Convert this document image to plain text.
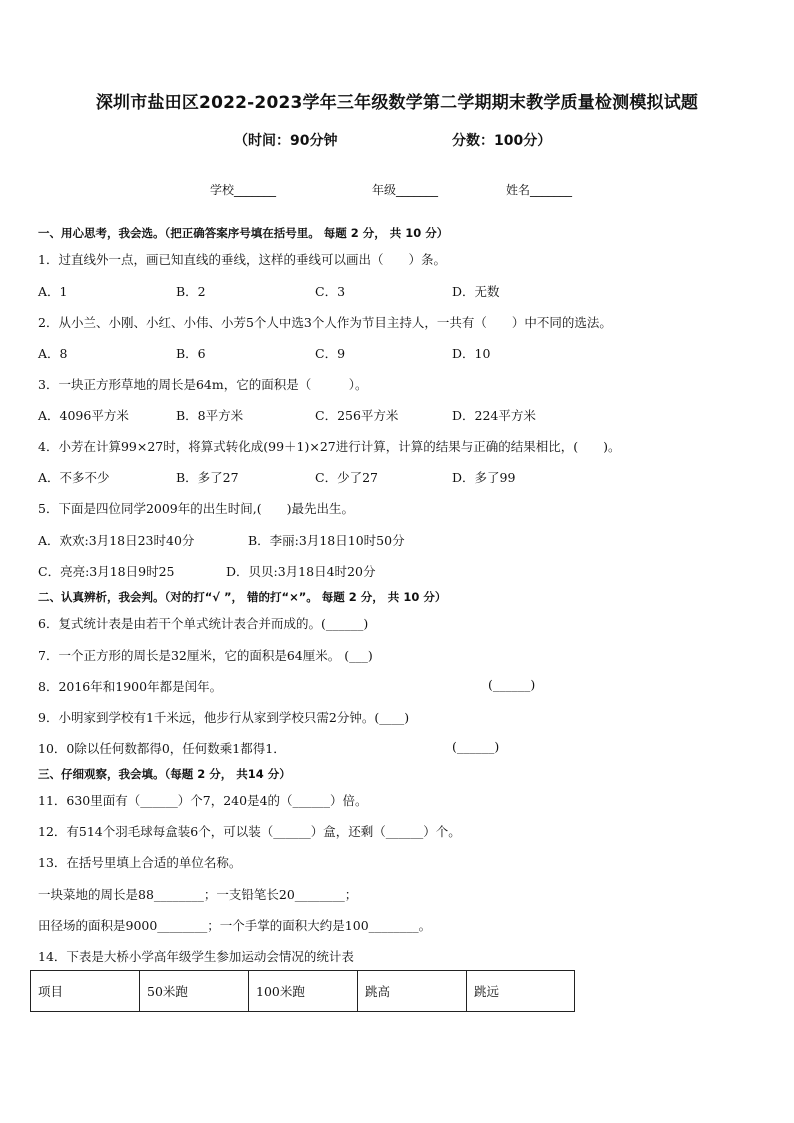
深圳市盐田区2022-2023学年三年级数学第二学期期末教学质量检测模拟试题
（时间：90分钟	分数：100分）
学校_______	年级_______	姓名_______
一、用心思考，我会选。（把正确答案序号填在括号里。 每题 2 分， 共 10 分）
1．过直线外一点，画已知直线的垂线，这样的垂线可以画出（　　）条。
A．1	B．2	C．3	D．无数
2．从小兰、小刚、小红、小伟、小芳5个人中选3个人作为节目主持人，一共有（　　）中不同的选法。
A．8	B．6	C．9	D．10
3．一块正方形草地的周长是64m，它的面积是（　　　）。
A．4096平方米	B．8平方米	C．256平方米	D．224平方米
4．小芳在计算99×27时，将算式转化成(99＋1)×27进行计算，计算的结果与正确的结果相比，(　　)。
A．不多不少	B．多了27	C．少了27	D．多了99
5．下面是四位同学2009年的出生时间,(　　)最先出生。
A．欢欢:3月18日23时40分	B．李丽:3月18日10时50分
C．亮亮:3月18日9时25	D．贝贝:3月18日4时20分
二、认真辨析，我会判。（对的打“√ ”， 错的打“×”。 每题 2 分， 共 10 分）
6．复式统计表是由若干个单式统计表合并而成的。(______)
7．一个正方形的周长是32厘米，它的面积是64厘米。 (___)
8．2016年和1900年都是闰年。	(______)
9．小明家到学校有1千米远，他步行从家到学校只需2分钟。(____)
10．0除以任何数都得0，任何数乘1都得1．	(______)
三、仔细观察，我会填。（每题 2 分， 共14 分）
11．630里面有（______）个7，240是4的（______）倍。
12．有514个羽毛球每盒装6个，可以装（______）盒，还剩（______）个。
13．在括号里填上合适的单位名称。
一块菜地的周长是88________；一支铅笔长20________；
田径场的面积是9000________；一个手掌的面积大约是100________。
14．下表是大桥小学高年级学生参加运动会情况的统计表
项目	50米跑	100米跑	跳高	跳远
